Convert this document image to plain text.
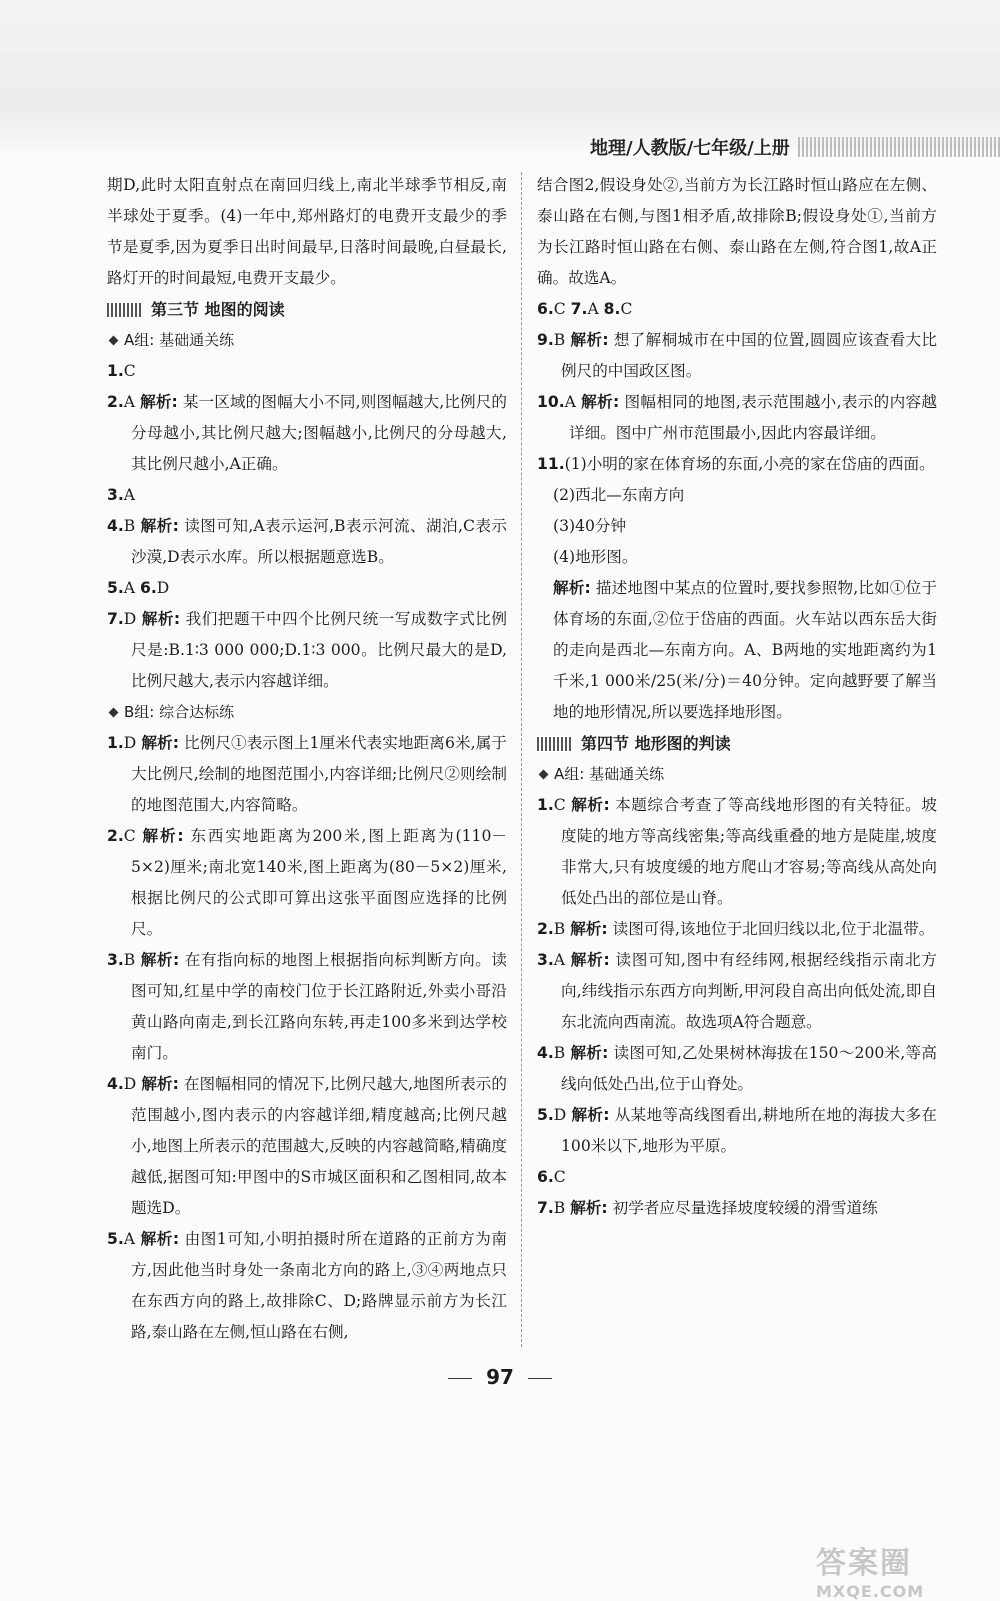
地理/人教版/七年级/上册
期D,此时太阳直射点在南回归线上,南北半球季节相反,南半球处于夏季。(4)一年中,郑州路灯的电费开支最少的季节是夏季,因为夏季日出时间最早,日落时间最晚,白昼最长,路灯开的时间最短,电费开支最少。
第三节 地图的阅读
A组: 基础通关练
1.C
2.A 解析: 某一区域的图幅大小不同,则图幅越大,比例尺的分母越小,其比例尺越大;图幅越小,比例尺的分母越大,其比例尺越小,A正确。
3.A
4.B 解析: 读图可知,A表示运河,B表示河流、湖泊,C表示沙漠,D表示水库。所以根据题意选B。
5.A 6.D
7.D 解析: 我们把题干中四个比例尺统一写成数字式比例尺是:B.1∶3 000 000;D.1∶3 000。比例尺最大的是D,比例尺越大,表示内容越详细。
B组: 综合达标练
1.D 解析: 比例尺①表示图上1厘米代表实地距离6米,属于大比例尺,绘制的地图范围小,内容详细;比例尺②则绘制的地图范围大,内容简略。
2.C 解析: 东西实地距离为200米,图上距离为(110－5×2)厘米;南北宽140米,图上距离为(80－5×2)厘米,根据比例尺的公式即可算出这张平面图应选择的比例尺。
3.B 解析: 在有指向标的地图上根据指向标判断方向。读图可知,红星中学的南校门位于长江路附近,外卖小哥沿黄山路向南走,到长江路向东转,再走100多米到达学校南门。
4.D 解析: 在图幅相同的情况下,比例尺越大,地图所表示的范围越小,图内表示的内容越详细,精度越高;比例尺越小,地图上所表示的范围越大,反映的内容越简略,精确度越低,据图可知:甲图中的S市城区面积和乙图相同,故本题选D。
5.A 解析: 由图1可知,小明拍摄时所在道路的正前方为南方,因此他当时身处一条南北方向的路上,③④两地点只在东西方向的路上,故排除C、D;路牌显示前方为长江路,泰山路在左侧,恒山路在右侧,
结合图2,假设身处②,当前方为长江路时恒山路应在左侧、泰山路在右侧,与图1相矛盾,故排除B;假设身处①,当前方为长江路时恒山路在右侧、泰山路在左侧,符合图1,故A正确。故选A。
6.C 7.A 8.C
9.B 解析: 想了解桐城市在中国的位置,圆圆应该查看大比例尺的中国政区图。
10.A 解析: 图幅相同的地图,表示范围越小,表示的内容越详细。图中广州市范围最小,因此内容最详细。
11.(1)小明的家在体育场的东面,小亮的家在岱庙的西面。
(2)西北—东南方向
(3)40分钟
(4)地形图。
解析: 描述地图中某点的位置时,要找参照物,比如①位于体育场的东面,②位于岱庙的西面。火车站以西东岳大街的走向是西北—东南方向。A、B两地的实地距离约为1千米,1 000米/25(米/分)＝40分钟。定向越野要了解当地的地形情况,所以要选择地形图。
第四节 地形图的判读
A组: 基础通关练
1.C 解析: 本题综合考查了等高线地形图的有关特征。坡度陡的地方等高线密集;等高线重叠的地方是陡崖,坡度非常大,只有坡度缓的地方爬山才容易;等高线从高处向低处凸出的部位是山脊。
2.B 解析: 读图可得,该地位于北回归线以北,位于北温带。
3.A 解析: 读图可知,图中有经纬网,根据经线指示南北方向,纬线指示东西方向判断,甲河段自高出向低处流,即自东北流向西南流。故选项A符合题意。
4.B 解析: 读图可知,乙处果树林海拔在150～200米,等高线向低处凸出,位于山脊处。
5.D 解析: 从某地等高线图看出,耕地所在地的海拔大多在100米以下,地形为平原。
6.C
7.B 解析: 初学者应尽量选择坡度较缓的滑雪道练
97
答案圈
MXQE.COM
